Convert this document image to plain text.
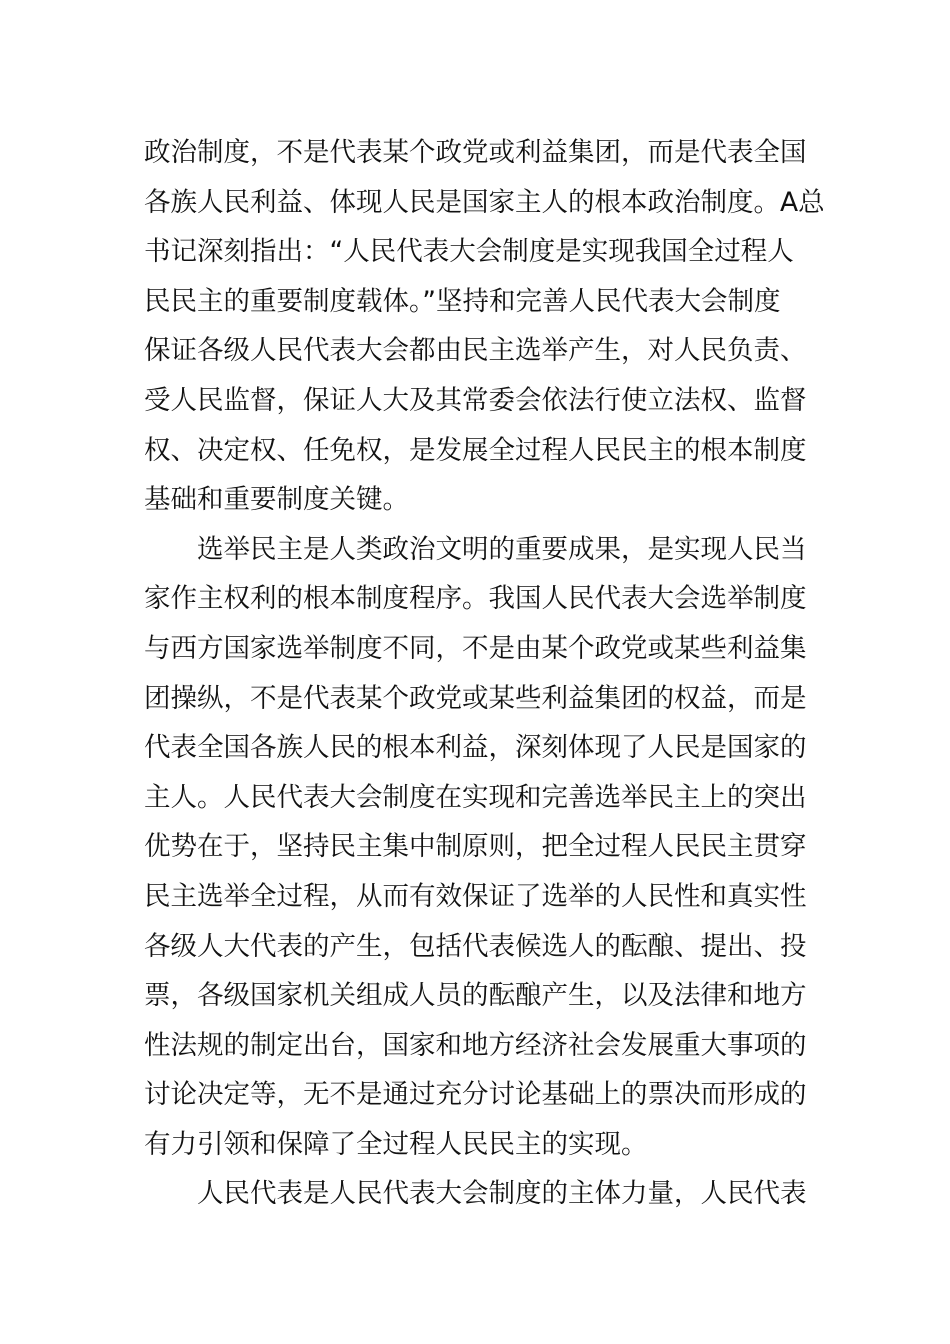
政治制度，不是代表某个政党或利益集团，而是代表全国
各族人民利益、体现人民是国家主人的根本政治制度。A总
书记深刻指出：“人民代表大会制度是实现我国全过程人
民民主的重要制度载体。”坚持和完善人民代表大会制度
保证各级人民代表大会都由民主选举产生，对人民负责、
受人民监督，保证人大及其常委会依法行使立法权、监督
权、决定权、任免权，是发展全过程人民民主的根本制度
基础和重要制度关键。
选举民主是人类政治文明的重要成果，是实现人民当
家作主权利的根本制度程序。我国人民代表大会选举制度
与西方国家选举制度不同，不是由某个政党或某些利益集
团操纵，不是代表某个政党或某些利益集团的权益，而是
代表全国各族人民的根本利益，深刻体现了人民是国家的
主人。人民代表大会制度在实现和完善选举民主上的突出
优势在于，坚持民主集中制原则，把全过程人民民主贯穿
民主选举全过程，从而有效保证了选举的人民性和真实性
各级人大代表的产生，包括代表候选人的酝酿、提出、投
票，各级国家机关组成人员的酝酿产生，以及法律和地方
性法规的制定出台，国家和地方经济社会发展重大事项的
讨论决定等，无不是通过充分讨论基础上的票决而形成的
有力引领和保障了全过程人民民主的实现。
人民代表是人民代表大会制度的主体力量，人民代表
